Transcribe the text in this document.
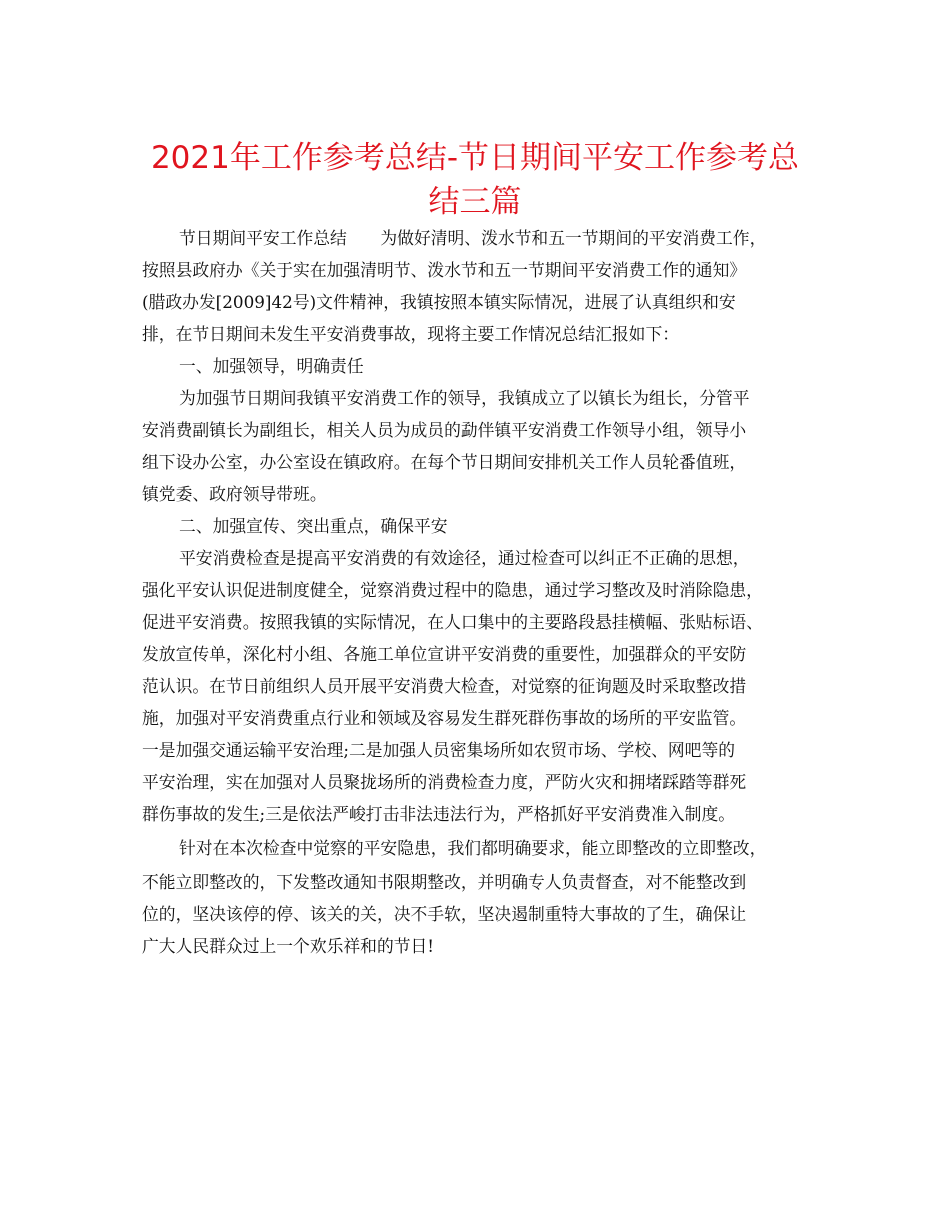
2021年工作参考总结-节日期间平安工作参考总
结三篇
节日期间平安工作总结　　为做好清明、泼水节和五一节期间的平安消费工作，
按照县政府办《关于实在加强清明节、泼水节和五一节期间平安消费工作的通知》
(腊政办发[2009]42号)文件精神，我镇按照本镇实际情况，进展了认真组织和安
排，在节日期间未发生平安消费事故，现将主要工作情况总结汇报如下：
一、加强领导，明确责任
为加强节日期间我镇平安消费工作的领导，我镇成立了以镇长为组长，分管平
安消费副镇长为副组长，相关人员为成员的勐伴镇平安消费工作领导小组，领导小
组下设办公室，办公室设在镇政府。在每个节日期间安排机关工作人员轮番值班，
镇党委、政府领导带班。
二、加强宣传、突出重点，确保平安
平安消费检查是提高平安消费的有效途径，通过检查可以纠正不正确的思想，
强化平安认识促进制度健全，觉察消费过程中的隐患，通过学习整改及时消除隐患，
促进平安消费。按照我镇的实际情况，在人口集中的主要路段悬挂横幅、张贴标语、
发放宣传单，深化村小组、各施工单位宣讲平安消费的重要性，加强群众的平安防
范认识。在节日前组织人员开展平安消费大检查，对觉察的征询题及时采取整改措
施，加强对平安消费重点行业和领域及容易发生群死群伤事故的场所的平安监管。
一是加强交通运输平安治理;二是加强人员密集场所如农贸市场、学校、网吧等的
平安治理，实在加强对人员聚拢场所的消费检查力度，严防火灾和拥堵踩踏等群死
群伤事故的发生;三是依法严峻打击非法违法行为，严格抓好平安消费准入制度。
针对在本次检查中觉察的平安隐患，我们都明确要求，能立即整改的立即整改，
不能立即整改的，下发整改通知书限期整改，并明确专人负责督查，对不能整改到
位的，坚决该停的停、该关的关，决不手软，坚决遏制重特大事故的了生，确保让
广大人民群众过上一个欢乐祥和的节日!
